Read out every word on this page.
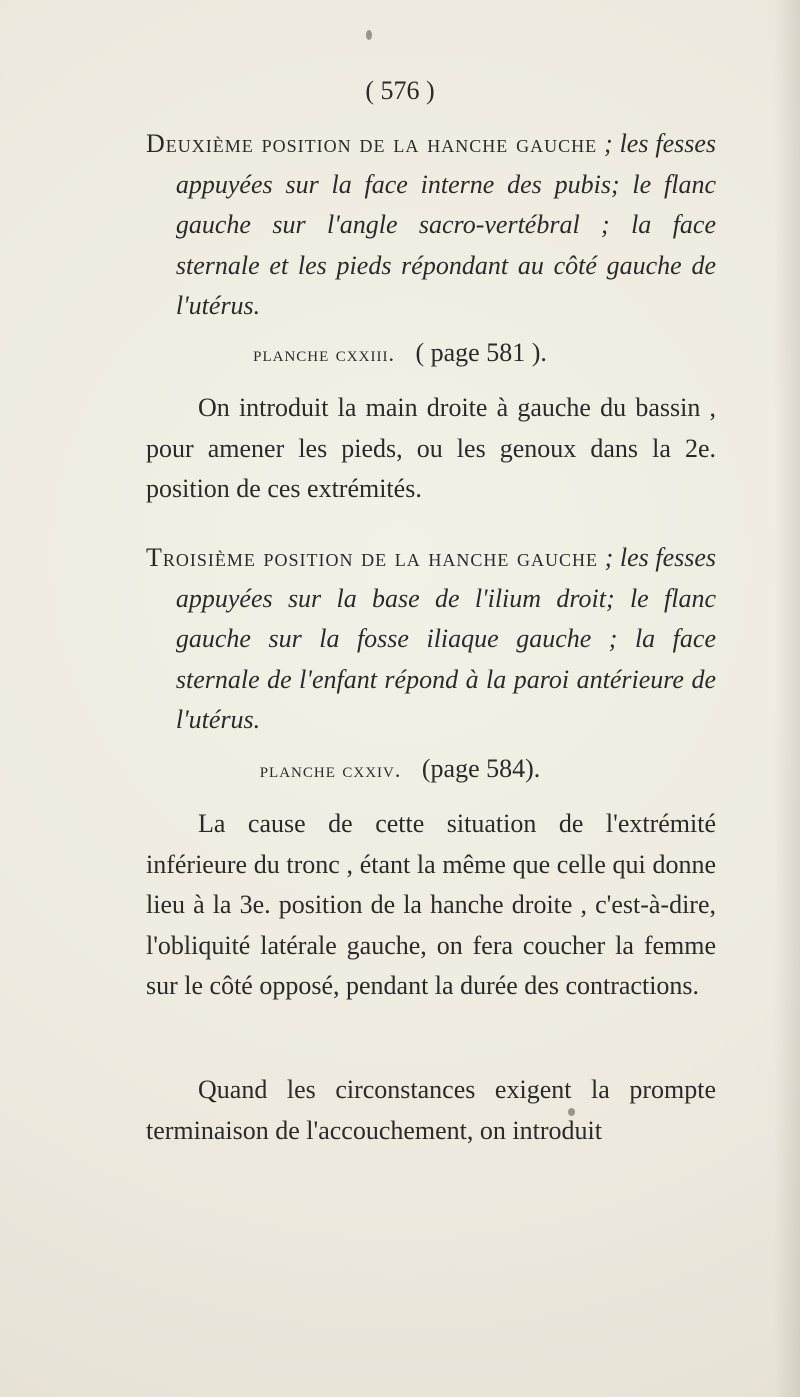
( 576 )

Deuxième position de la hanche gauche ; les fesses appuyées sur la face interne des pubis; le flanc gauche sur l'angle sacro-vertébral ; la face sternale et les pieds répondant au côté gauche de l'utérus.

planche cxxiii. ( page 581 ).

On introduit la main droite à gauche du bassin , pour amener les pieds, ou les genoux dans la 2e. position de ces extrémités.

Troisième position de la hanche gauche ; les fesses appuyées sur la base de l'ilium droit; le flanc gauche sur la fosse iliaque gauche ; la face sternale de l'enfant répond à la paroi antérieure de l'utérus.

planche cxxiv. (page 584).

La cause de cette situation de l'extrémité inférieure du tronc , étant la même que celle qui donne lieu à la 3e. position de la hanche droite , c'est-à-dire, l'obliquité latérale gauche, on fera coucher la femme sur le côté opposé, pendant la durée des contractions.

Quand les circonstances exigent la prompte terminaison de l'accouchement, on introduit
